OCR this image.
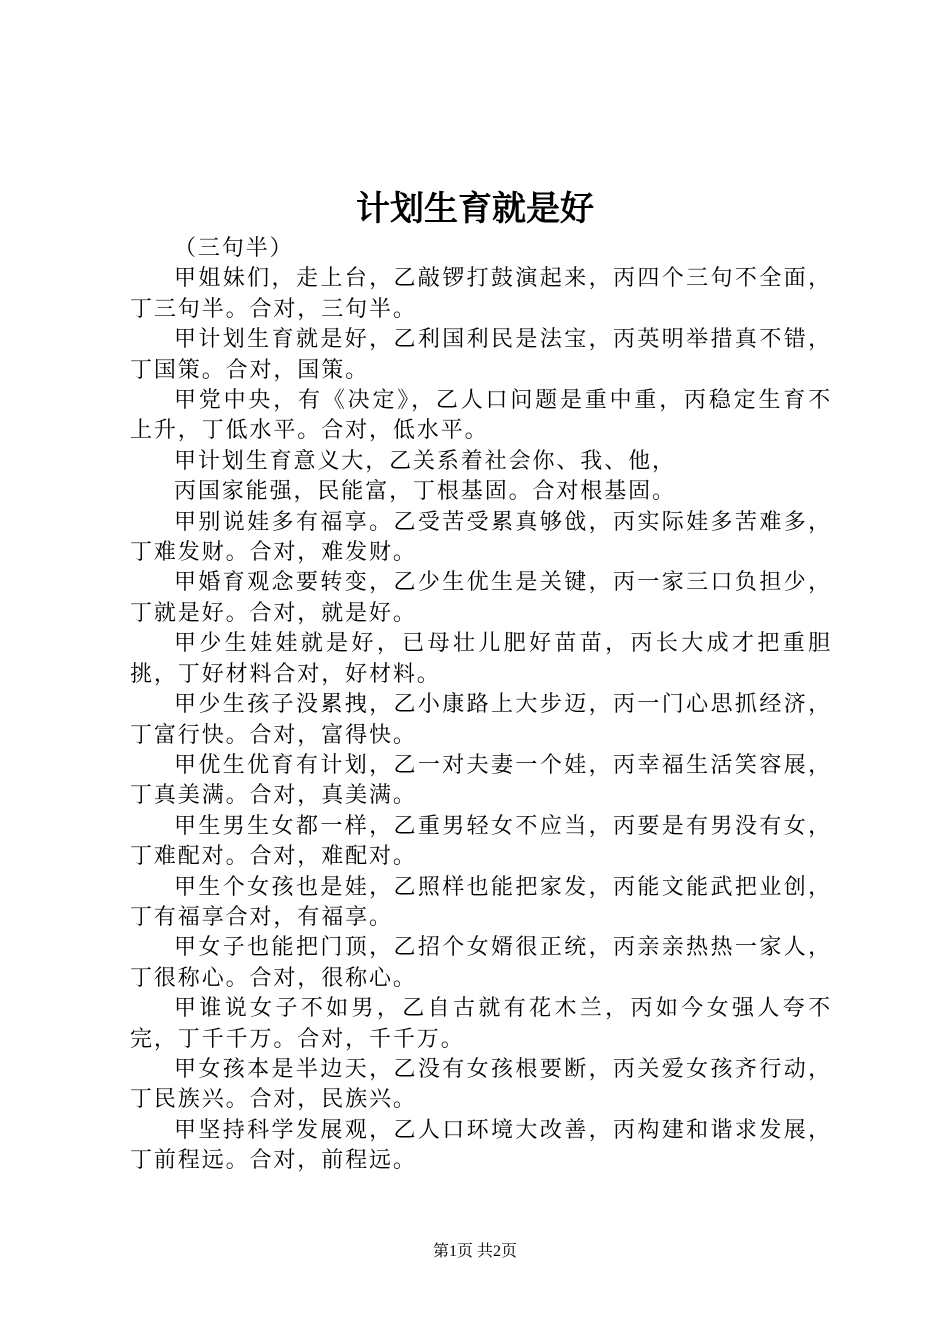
计划生育就是好

（三句半）

甲姐妹们，走上台，乙敲锣打鼓演起来，丙四个三句不全面，丁三句半。合对，三句半。

甲计划生育就是好，乙利国利民是法宝，丙英明举措真不错，丁国策。合对，国策。

甲党中央，有《决定》，乙人口问题是重中重，丙稳定生育不上升，丁低水平。合对，低水平。

甲计划生育意义大，乙关系着社会你、我、他，

丙国家能强，民能富，丁根基固。合对根基固。

甲别说娃多有福享。乙受苦受累真够戗，丙实际娃多苦难多，丁难发财。合对，难发财。

甲婚育观念要转变，乙少生优生是关键，丙一家三口负担少，丁就是好。合对，就是好。

甲少生娃娃就是好，已母壮儿肥好苗苗，丙长大成才把重胆挑，丁好材料合对，好材料。

甲少生孩子没累拽，乙小康路上大步迈，丙一门心思抓经济，丁富行快。合对，富得快。

甲优生优育有计划，乙一对夫妻一个娃，丙幸福生活笑容展，丁真美满。合对，真美满。

甲生男生女都一样，乙重男轻女不应当，丙要是有男没有女，丁难配对。合对，难配对。

甲生个女孩也是娃，乙照样也能把家发，丙能文能武把业创，丁有福享合对，有福享。

甲女子也能把门顶，乙招个女婿很正统，丙亲亲热热一家人，丁很称心。合对，很称心。

甲谁说女子不如男，乙自古就有花木兰，丙如今女强人夸不完，丁千千万。合对，千千万。

甲女孩本是半边天，乙没有女孩根要断，丙关爱女孩齐行动，丁民族兴。合对，民族兴。

甲坚持科学发展观，乙人口环境大改善，丙构建和谐求发展，丁前程远。合对，前程远。

第1页 共2页
